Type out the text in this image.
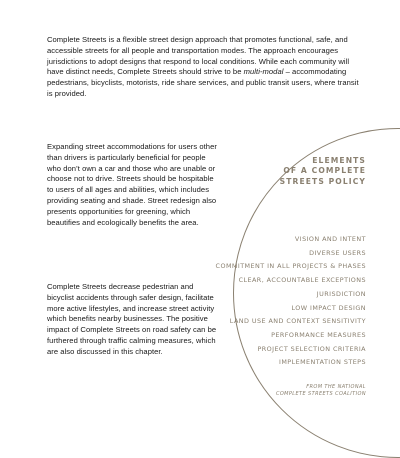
Complete Streets is a flexible street design approach that promotes functional, safe, and accessible streets for all people and transportation modes. The approach encourages jurisdictions to adopt designs that respond to local conditions. While each community will have distinct needs, Complete Streets should strive to be multi-modal – accommodating pedestrians, bicyclists, motorists, ride share services, and public transit users, where transit is provided.

Expanding street accommodations for users other than drivers is particularly beneficial for people who don’t own a car and those who are unable or choose not to drive. Streets should be hospitable to users of all ages and abilities, which includes providing seating and shade. Street redesign also presents opportunities for greening, which beautifies and ecologically benefits the area.

Complete Streets decrease pedestrian and bicyclist accidents through safer design, facilitate more active lifestyles, and increase street activity which benefits nearby businesses. The positive impact of Complete Streets on road safety can be furthered through traffic calming measures, which are also discussed in this chapter.

ELEMENTS
OF A COMPLETE
STREETS POLICY
VISION AND INTENT
DIVERSE USERS
COMMITMENT IN ALL PROJECTS & PHASES
CLEAR, ACCOUNTABLE EXCEPTIONS
JURISDICTION
LOW IMPACT DESIGN
LAND USE AND CONTEXT SENSITIVITY
PERFORMANCE MEASURES
PROJECT SELECTION CRITERIA
IMPLEMENTATION STEPS

FROM THE NATIONAL
COMPLETE STREETS COALITION
